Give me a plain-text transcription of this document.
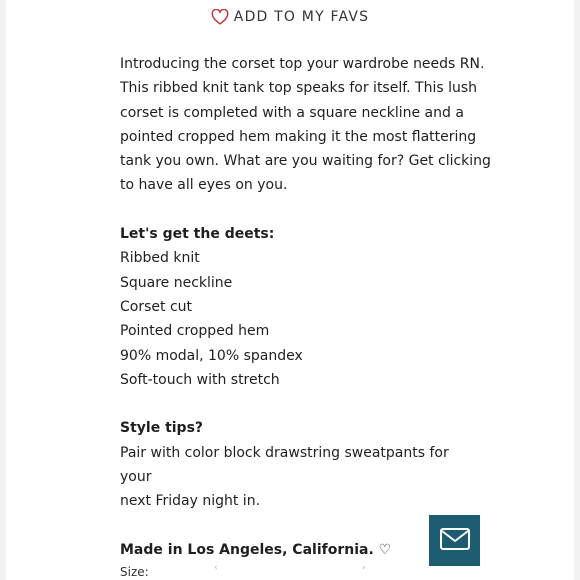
ADD TO MY FAVS

Introducing the corset top your wardrobe needs RN.
This ribbed knit tank top speaks for itself. This lush
corset is completed with a square neckline and a
pointed cropped hem making it the most flattering
tank you own. What are you waiting for? Get clicking
to have all eyes on you.

Let's get the deets:

Ribbed knit

Square neckline

Corset cut

Pointed cropped hem

90% modal, 10% spandex

Soft-touch with stretch

Style tips?

Pair with color block drawstring sweatpants for your

next Friday night in.

Made in Los Angeles, California. ♡

Size:	‹	›
